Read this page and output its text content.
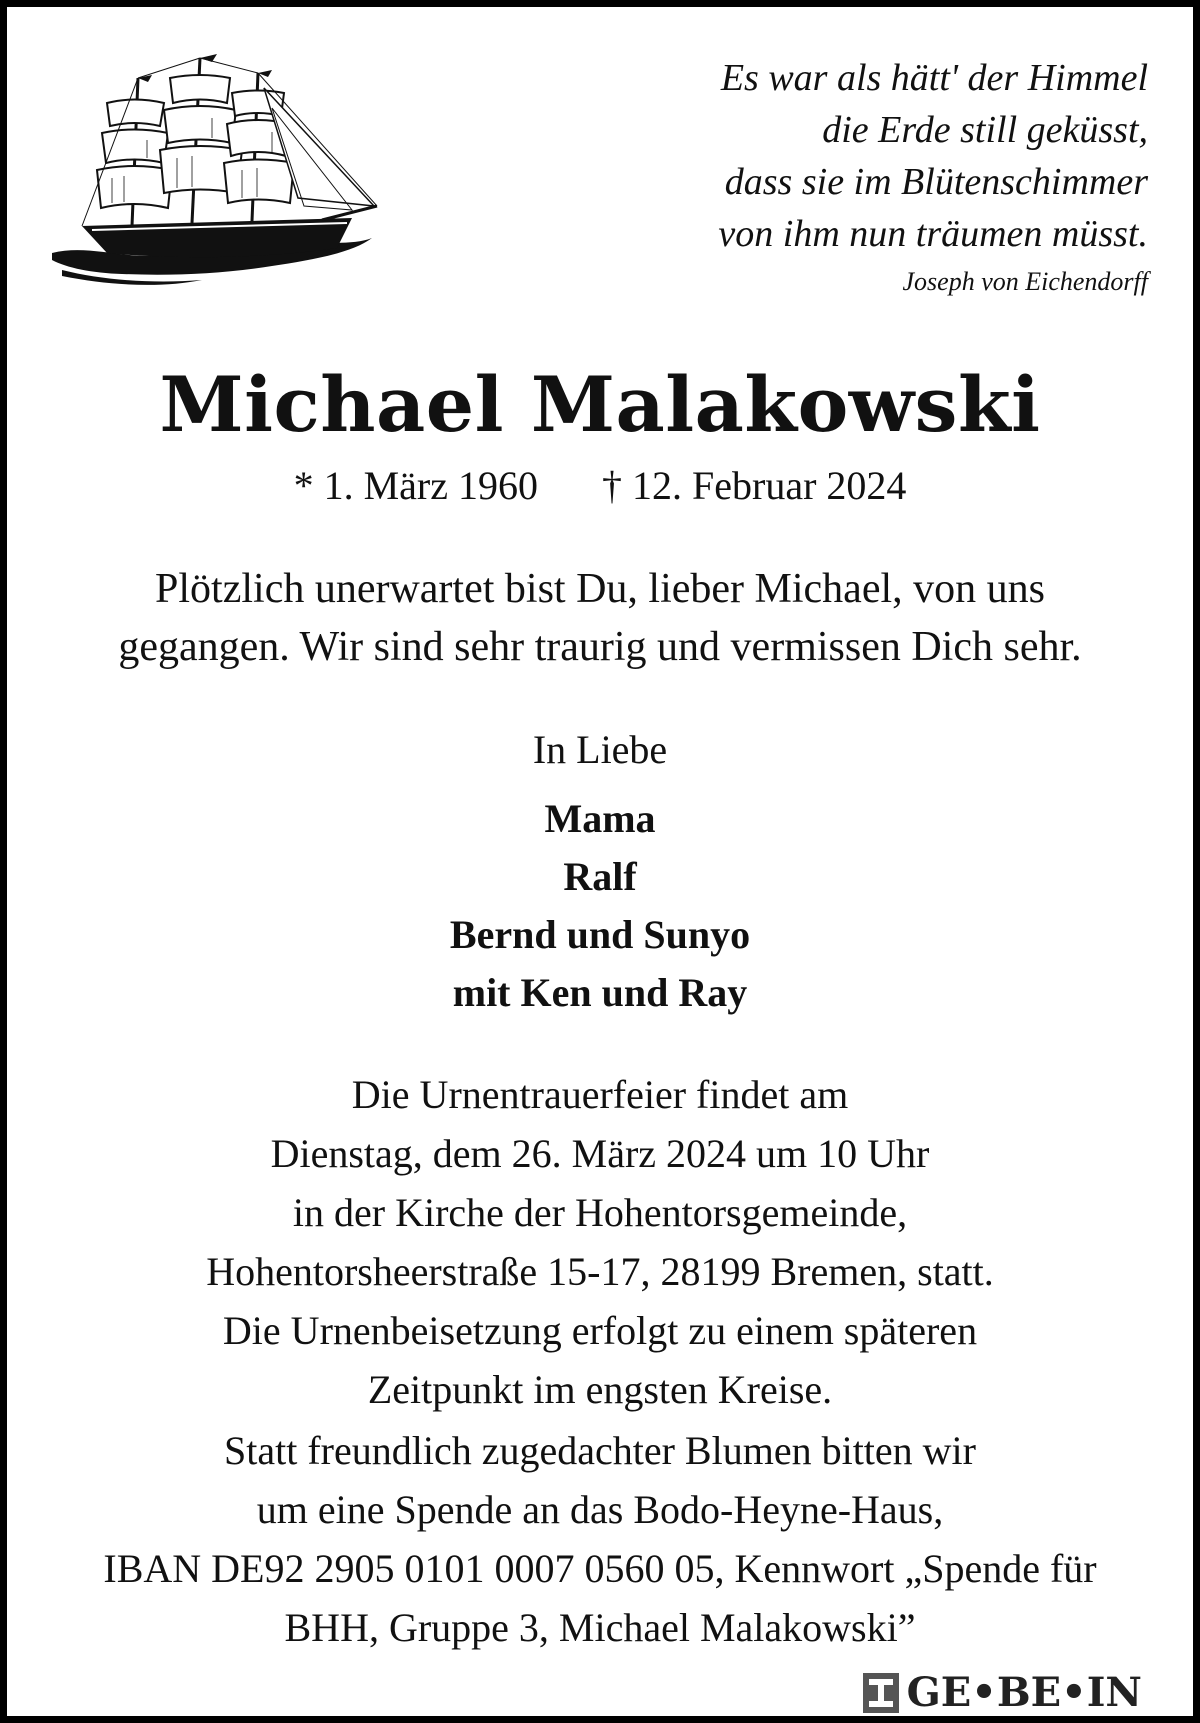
Es war als hätt' der Himmel
die Erde still geküsst,
dass sie im Blütenschimmer
von ihm nun träumen müsst.
Joseph von Eichendorff
Michael Malakowski
* 1. März 1960 † 12. Februar 2024
Plötzlich unerwartet bist Du, lieber Michael, von uns
gegangen. Wir sind sehr traurig und vermissen Dich sehr.
In Liebe
Mama
Ralf
Bernd und Sunyo
mit Ken und Ray
Die Urnentrauerfeier findet am
Dienstag, dem 26. März 2024 um 10 Uhr
in der Kirche der Hohentorsgemeinde,
Hohentorsheerstraße 15-17, 28199 Bremen, statt.
Die Urnenbeisetzung erfolgt zu einem späteren
Zeitpunkt im engsten Kreise.
Statt freundlich zugedachter Blumen bitten wir
um eine Spende an das Bodo-Heyne-Haus,
IBAN DE92 2905 0101 0007 0560 05, Kennwort „Spende für
BHH, Gruppe 3, Michael Malakowski”
GE•BE•IN
